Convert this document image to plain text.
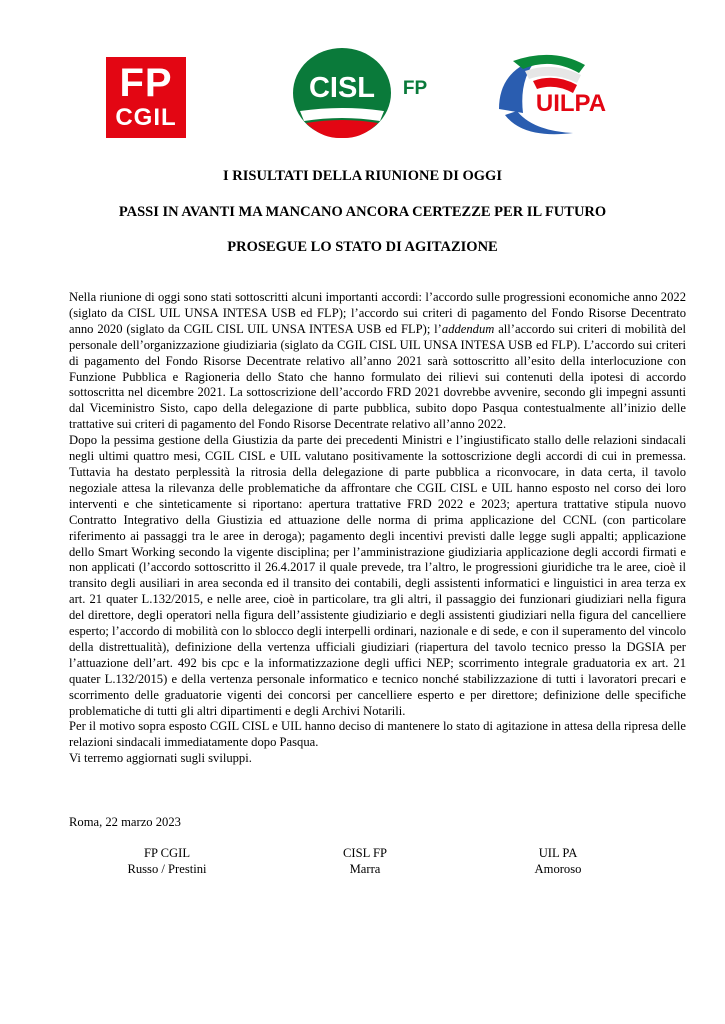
FP
CGIL
CISL FP
UILPA
I RISULTATI DELLA RIUNIONE DI OGGI
PASSI IN AVANTI MA MANCANO ANCORA CERTEZZE PER IL FUTURO
PROSEGUE LO STATO DI AGITAZIONE

Nella riunione di oggi sono stati sottoscritti alcuni importanti accordi: l’accordo sulle progressioni economiche anno 2022 (siglato da CISL UIL UNSA INTESA USB ed FLP); l’accordo sui criteri di pagamento del Fondo Risorse Decentrato anno 2020 (siglato da CGIL CISL UIL UNSA INTESA USB ed FLP); l’addendum all’accordo sui criteri di mobilità del personale dell’organizzazione giudiziaria (siglato da CGIL CISL UIL UNSA INTESA USB ed FLP). L’accordo sui criteri di pagamento del Fondo Risorse Decentrate relativo all’anno 2021 sarà sottoscritto all’esito della interlocuzione con Funzione Pubblica e Ragioneria dello Stato che hanno formulato dei rilievi sui contenuti della ipotesi di accordo sottoscritta nel dicembre 2021. La sottoscrizione dell’accordo FRD 2021 dovrebbe avvenire, secondo gli impegni assunti dal Viceministro Sisto, capo della delegazione di parte pubblica, subito dopo Pasqua contestualmente all’inizio delle trattative sui criteri di pagamento del Fondo Risorse Decentrate relativo all’anno 2022.

Dopo la pessima gestione della Giustizia da parte dei precedenti Ministri e l’ingiustificato stallo delle relazioni sindacali negli ultimi quattro mesi, CGIL CISL e UIL valutano positivamente la sottoscrizione degli accordi di cui in premessa. Tuttavia ha destato perplessità la ritrosia della delegazione di parte pubblica a riconvocare, in data certa, il tavolo negoziale attesa la rilevanza delle problematiche da affrontare che CGIL CISL e UIL hanno esposto nel corso dei loro interventi e che sinteticamente si riportano: apertura trattative FRD 2022 e 2023; apertura trattative stipula nuovo Contratto Integrativo della Giustizia ed attuazione delle norma di prima applicazione del CCNL (con particolare riferimento ai passaggi tra le aree in deroga); pagamento degli incentivi previsti dalle legge sugli appalti; applicazione dello Smart Working secondo la vigente disciplina; per l’amministrazione giudiziaria applicazione degli accordi firmati e non applicati (l’accordo sottoscritto il 26.4.2017 il quale prevede, tra l’altro, le progressioni giuridiche tra le aree, cioè il transito degli ausiliari in area seconda ed il transito dei contabili, degli assistenti informatici e linguistici in area terza ex art. 21 quater L.132/2015, e nelle aree, cioè in particolare, tra gli altri, il passaggio dei funzionari giudiziari nella figura del direttore, degli operatori nella figura dell’assistente giudiziario e degli assistenti giudiziari nella figura del cancelliere esperto; l’accordo di mobilità con lo sblocco degli interpelli ordinari, nazionale e di sede, e con il superamento del vincolo della distrettualità), definizione della vertenza ufficiali giudiziari (riapertura del tavolo tecnico presso la DGSIA per l’attuazione dell’art. 492 bis cpc e la informatizzazione degli uffici NEP; scorrimento integrale graduatoria ex art. 21 quater L.132/2015) e della vertenza personale informatico e tecnico nonché stabilizzazione di tutti i lavoratori precari e scorrimento delle graduatorie vigenti dei concorsi per cancelliere esperto e per direttore; definizione delle specifiche problematiche di tutti gli altri dipartimenti e degli Archivi Notarili.

Per il motivo sopra esposto CGIL CISL e UIL hanno deciso di mantenere lo stato di agitazione in attesa della ripresa delle relazioni sindacali immediatamente dopo Pasqua.

Vi terremo aggiornati sugli sviluppi.

Roma, 22 marzo 2023
FP CGIL
Russo / Prestini
CISL FP
Marra
UIL PA
Amoroso
